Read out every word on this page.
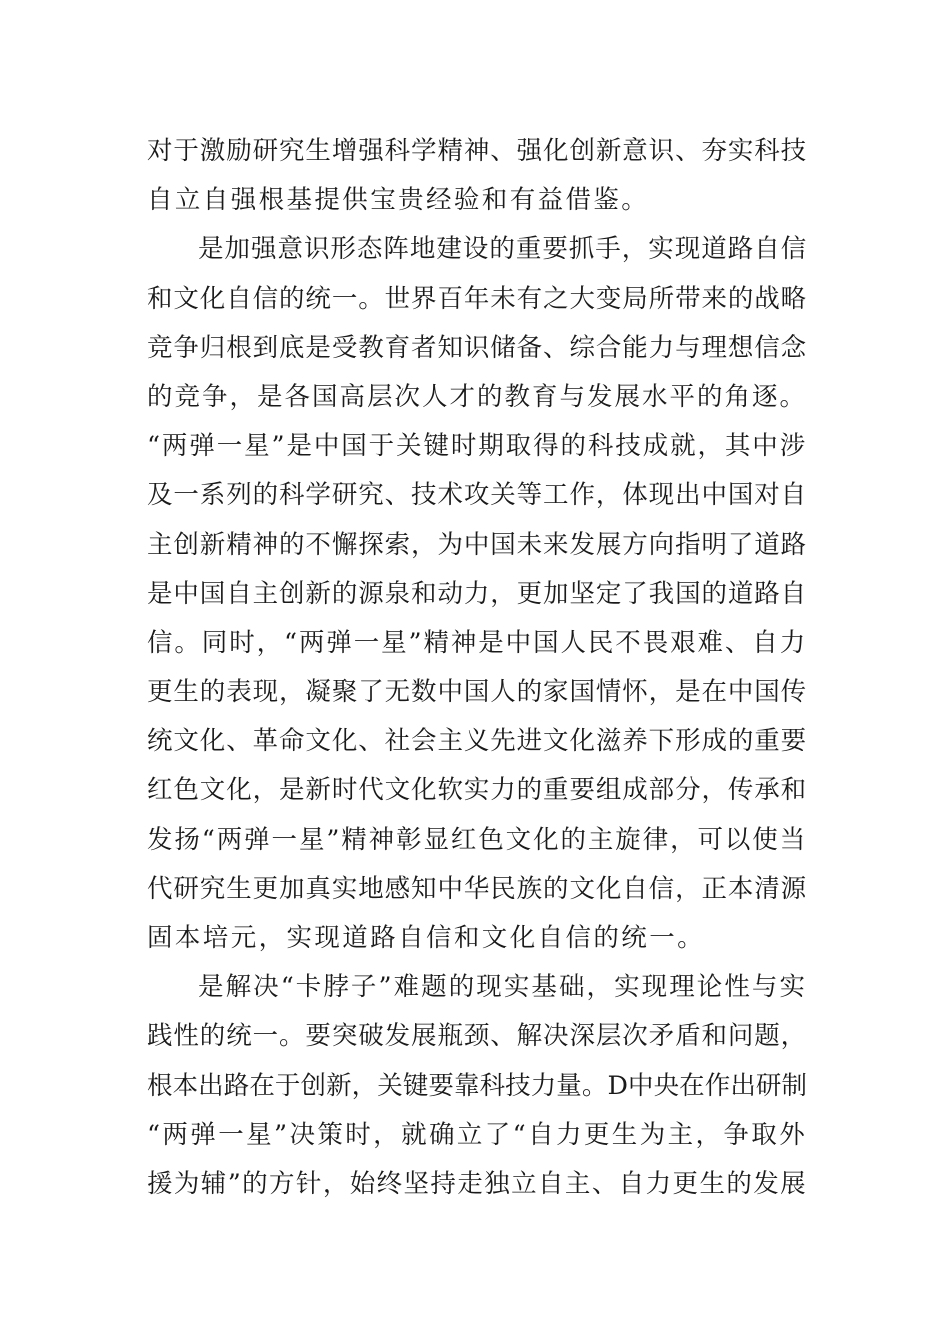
对于激励研究生增强科学精神、强化创新意识、夯实科技
自立自强根基提供宝贵经验和有益借鉴。
是加强意识形态阵地建设的重要抓手，实现道路自信
和文化自信的统一。世界百年未有之大变局所带来的战略
竞争归根到底是受教育者知识储备、综合能力与理想信念
的竞争，是各国高层次人才的教育与发展水平的角逐。
“两弹一星”是中国于关键时期取得的科技成就，其中涉
及一系列的科学研究、技术攻关等工作，体现出中国对自
主创新精神的不懈探索，为中国未来发展方向指明了道路
是中国自主创新的源泉和动力，更加坚定了我国的道路自
信。同时，“两弹一星”精神是中国人民不畏艰难、自力
更生的表现，凝聚了无数中国人的家国情怀，是在中国传
统文化、革命文化、社会主义先进文化滋养下形成的重要
红色文化，是新时代文化软实力的重要组成部分，传承和
发扬“两弹一星”精神彰显红色文化的主旋律，可以使当
代研究生更加真实地感知中华民族的文化自信，正本清源
固本培元，实现道路自信和文化自信的统一。
是解决“卡脖子”难题的现实基础，实现理论性与实
践性的统一。要突破发展瓶颈、解决深层次矛盾和问题，
根本出路在于创新，关键要靠科技力量。D中央在作出研制
“两弹一星”决策时，就确立了“自力更生为主，争取外
援为辅”的方针，始终坚持走独立自主、自力更生的发展
